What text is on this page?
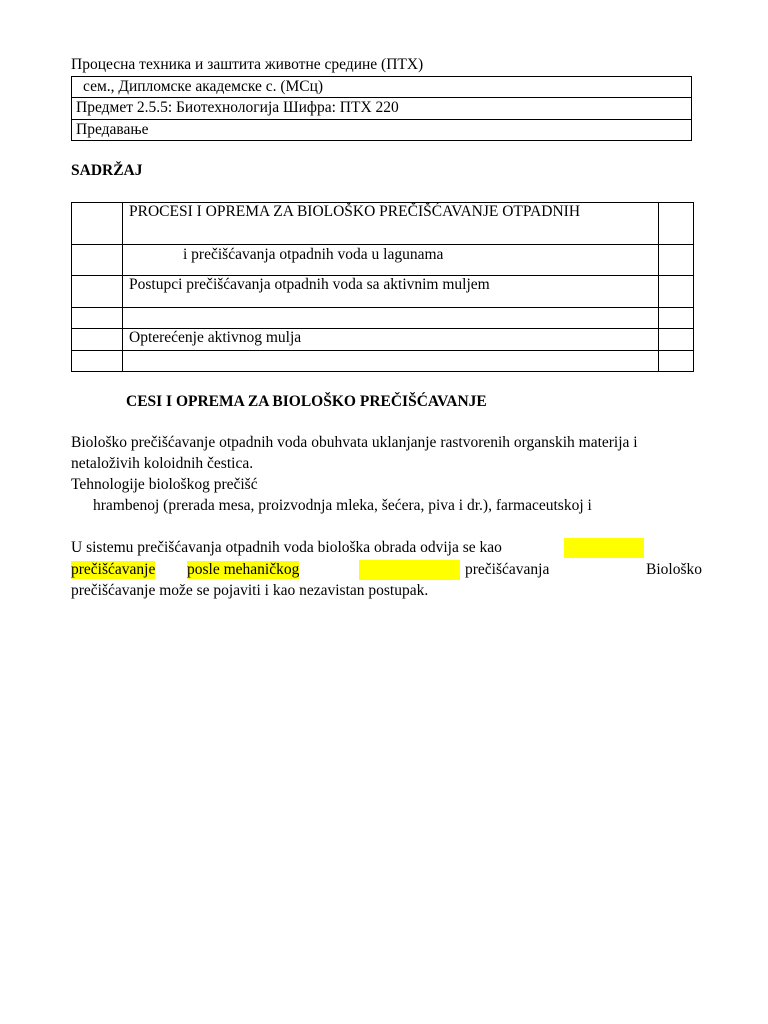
Процесна техника и заштита животне средине (ПТХ)
сем., Дипломске академске с. (МСц)
Предмет 2.5.5: Биотехнологија Шифра: ПТХ 220
Предавање
SADRŽAJ
	PROCESI I OPREMA ZA BIOLOŠKO PREČIŠĆAVANJE OTPADNIH	
	i prečišćavanja otpadnih voda u lagunama	
	Postupci prečišćavanja otpadnih voda sa aktivnim muljem	

	Opterećenje aktivnog mulja	

CESI I OPREMA ZA BIOLOŠKO PREČIŠĆAVANJE
Biološko prečišćavanje otpadnih voda obuhvata uklanjanje rastvorenih organskih materija i
netaloživih koloidnih čestica.
Tehnologije biološkog prečišć
hrambenoj (prerada mesa, proizvodnja mleka, šećera, piva i dr.), farmaceutskoj i
U sistemu prečišćavanja otpadnih voda biološka obrada odvija se kao
prečišćavanje posle mehaničkog	prečišćavanja	Biološko
prečišćavanje može se pojaviti i kao nezavistan postupak.
